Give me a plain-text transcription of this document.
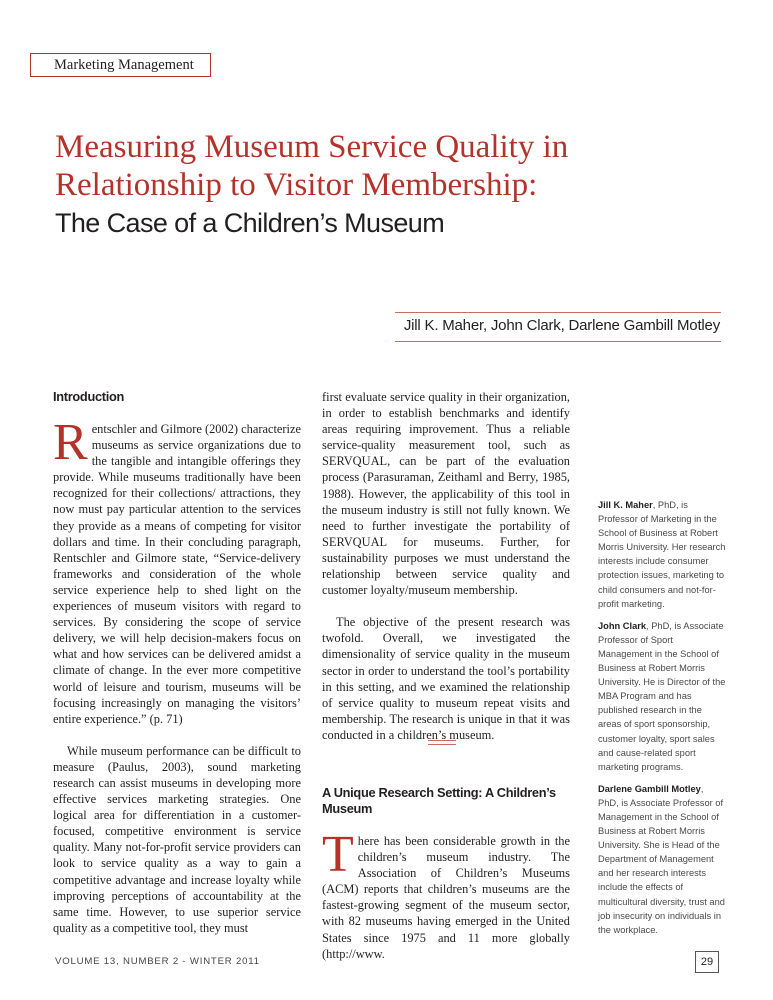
Marketing Management
Measuring Museum Service Quality in
Relationship to Visitor Membership:
The Case of a Children’s Museum
Jill K. Maher, John Clark, Darlene Gambill Motley
Introduction

Rentschler and Gilmore (2002) characterize museums as service organizations due to the tangible and intangible offerings they provide. While museums traditionally have been recognized for their collections/ attractions, they now must pay particular attention to the services they provide as a means of competing for visitor dollars and time. In their concluding paragraph, Rentschler and Gilmore state, “Service-delivery frameworks and consideration of the whole service experience help to shed light on the experiences of museum visitors with regard to services. By considering the scope of service delivery, we will help decision-makers focus on what and how services can be delivered amidst a climate of change. In the ever more competitive world of leisure and tourism, museums will be focusing increasingly on managing the visitors’ entire experience.” (p. 71)

While museum performance can be difficult to measure (Paulus, 2003), sound marketing research can assist museums in developing more effective services marketing strategies. One logical area for differentiation in a customer-focused, competitive environment is service quality. Many not-for-profit service providers can look to service quality as a way to gain a competitive advantage and increase loyalty while improving perceptions of accountability at the same time. However, to use superior service quality as a competitive tool, they must

first evaluate service quality in their organization, in order to establish benchmarks and identify areas requiring improvement. Thus a reliable service-quality measurement tool, such as SERVQUAL, can be part of the evaluation process (Parasuraman, Zeithaml and Berry, 1985, 1988). However, the applicability of this tool in the museum industry is still not fully known. We need to further investigate the portability of SERVQUAL for museums. Further, for sustainability purposes we must understand the relationship between service quality and customer loyalty/museum membership.

The objective of the present research was twofold. Overall, we investigated the dimensionality of service quality in the museum sector in order to understand the tool’s portability in this setting, and we examined the relationship of service quality to museum repeat visits and membership. The research is unique in that it was conducted in a children’s museum.

A Unique Research Setting: A Children’s Museum

There has been considerable growth in the children’s museum industry. The Association of Children’s Museums (ACM) reports that children’s museums are the fastest-growing segment of the museum sector, with 82 museums having emerged in the United States since 1975 and 11 more globally (http://www.

Jill K. Maher, PhD, is Professor of Marketing in the School of Business at Robert Morris University. Her research interests include consumer protection issues, marketing to child consumers and not-for-profit marketing.

John Clark, PhD, is Associate Professor of Sport Management in the School of Business at Robert Morris University. He is Director of the MBA Program and has published research in the areas of sport sponsorship, customer loyalty, sport sales and cause-related sport marketing programs.

Darlene Gambill Motley, PhD, is Associate Professor of Management in the School of Business at Robert Morris University. She is Head of the Department of Management and her research interests include the effects of multicultural diversity, trust and job insecurity on individuals in the workplace.

VOLUME 13, NUMBER 2 - WINTER 2011	29
